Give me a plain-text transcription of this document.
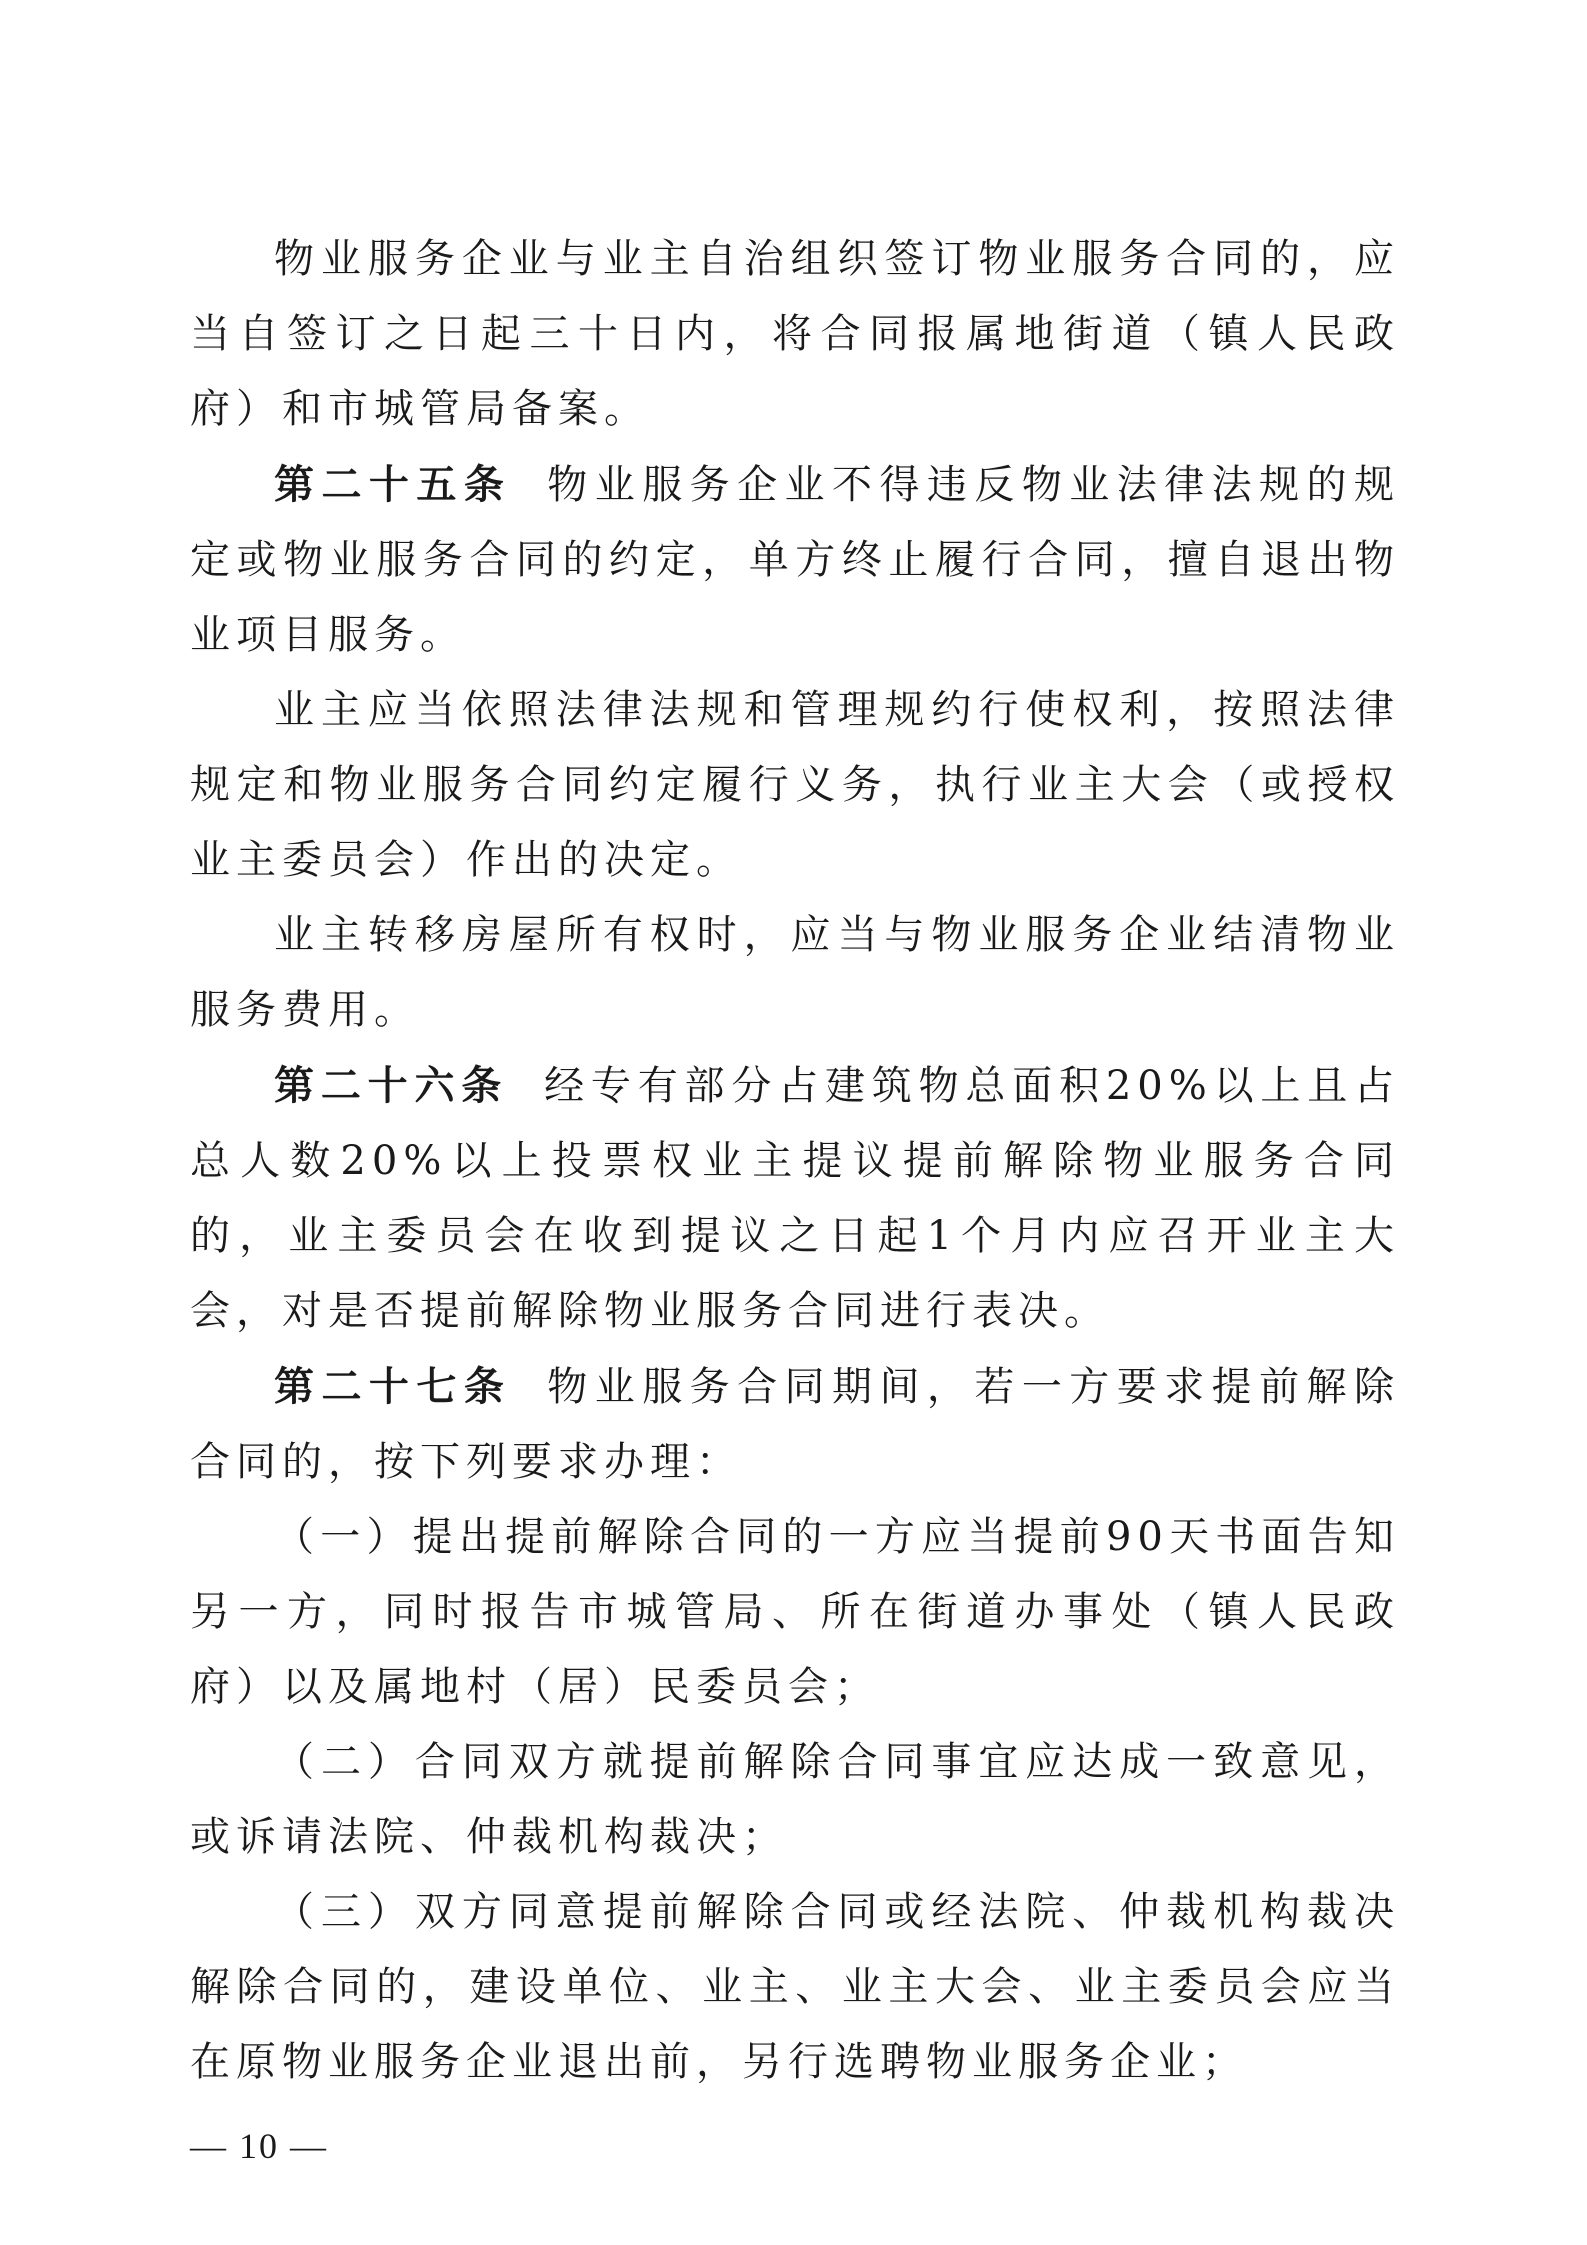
物业服务企业与业主自治组织签订物业服务合同的，应当自签订之日起三十日内，将合同报属地街道（镇人民政府）和市城管局备案。

第二十五条 物业服务企业不得违反物业法律法规的规定或物业服务合同的约定，单方终止履行合同，擅自退出物业项目服务。

业主应当依照法律法规和管理规约行使权利，按照法律规定和物业服务合同约定履行义务，执行业主大会（或授权业主委员会）作出的决定。

业主转移房屋所有权时，应当与物业服务企业结清物业服务费用。

第二十六条 经专有部分占建筑物总面积20%以上且占总人数20%以上投票权业主提议提前解除物业服务合同的，业主委员会在收到提议之日起1个月内应召开业主大会，对是否提前解除物业服务合同进行表决。

第二十七条 物业服务合同期间，若一方要求提前解除合同的，按下列要求办理：

（一）提出提前解除合同的一方应当提前90天书面告知另一方，同时报告市城管局、所在街道办事处（镇人民政府）以及属地村（居）民委员会；

（二）合同双方就提前解除合同事宜应达成一致意见，或诉请法院、仲裁机构裁决；

（三）双方同意提前解除合同或经法院、仲裁机构裁决解除合同的，建设单位、业主、业主大会、业主委员会应当在原物业服务企业退出前，另行选聘物业服务企业；

— 10 —
